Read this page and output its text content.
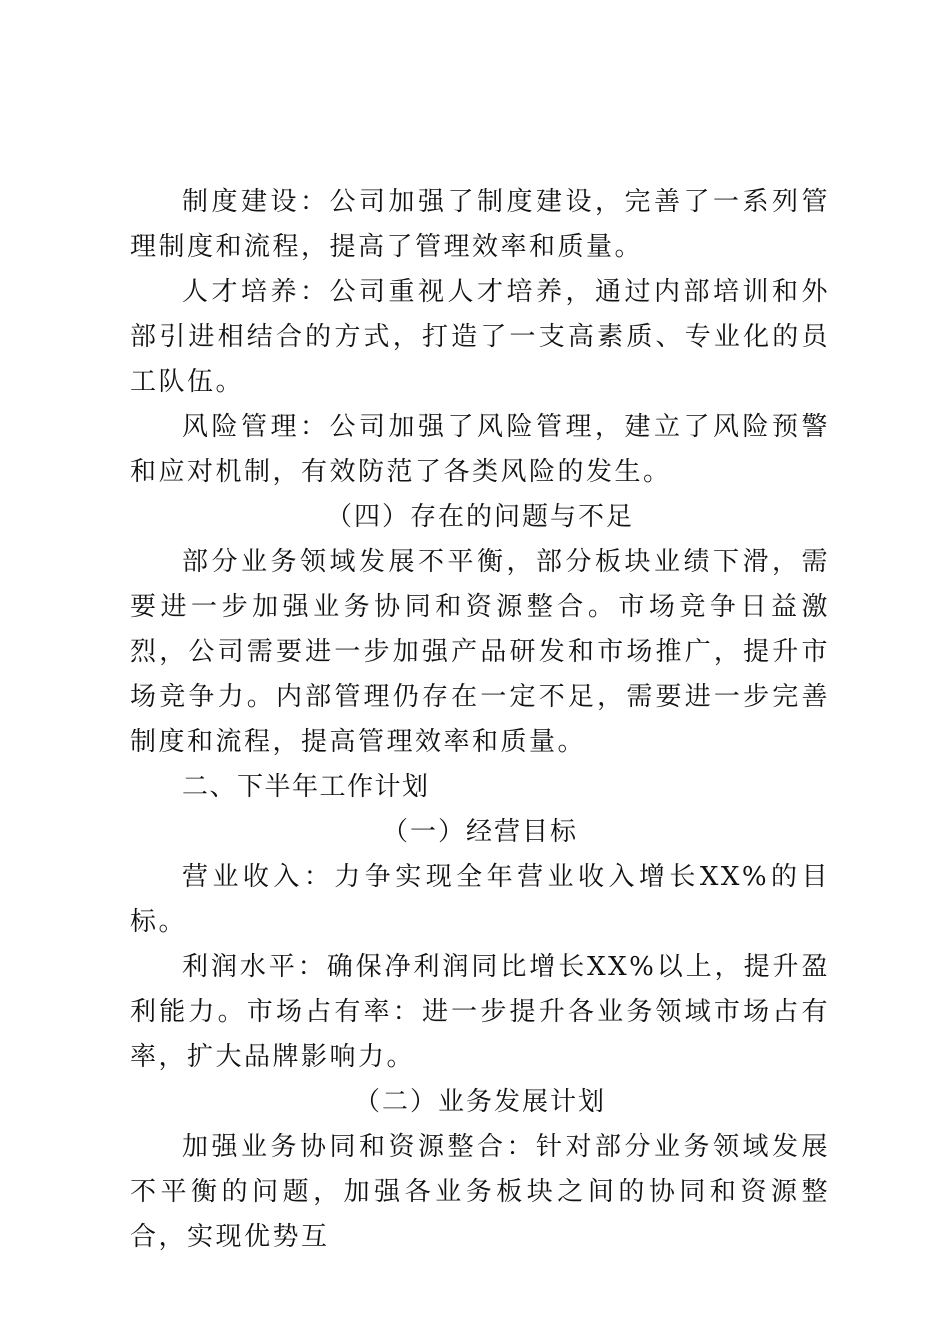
制度建设：公司加强了制度建设，完善了一系列管理制度和流程，提高了管理效率和质量。

人才培养：公司重视人才培养，通过内部培训和外部引进相结合的方式，打造了一支高素质、专业化的员工队伍。

风险管理：公司加强了风险管理，建立了风险预警和应对机制，有效防范了各类风险的发生。

（四）存在的问题与不足

部分业务领域发展不平衡，部分板块业绩下滑，需要进一步加强业务协同和资源整合。市场竞争日益激烈，公司需要进一步加强产品研发和市场推广，提升市场竞争力。内部管理仍存在一定不足，需要进一步完善制度和流程，提高管理效率和质量。

二、下半年工作计划
（一）经营目标

营业收入：力争实现全年营业收入增长XX%的目标。

利润水平：确保净利润同比增长XX%以上，提升盈利能力。市场占有率：进一步提升各业务领域市场占有率，扩大品牌影响力。

（二）业务发展计划

加强业务协同和资源整合：针对部分业务领域发展不平衡的问题，加强各业务板块之间的协同和资源整合，实现优势互
